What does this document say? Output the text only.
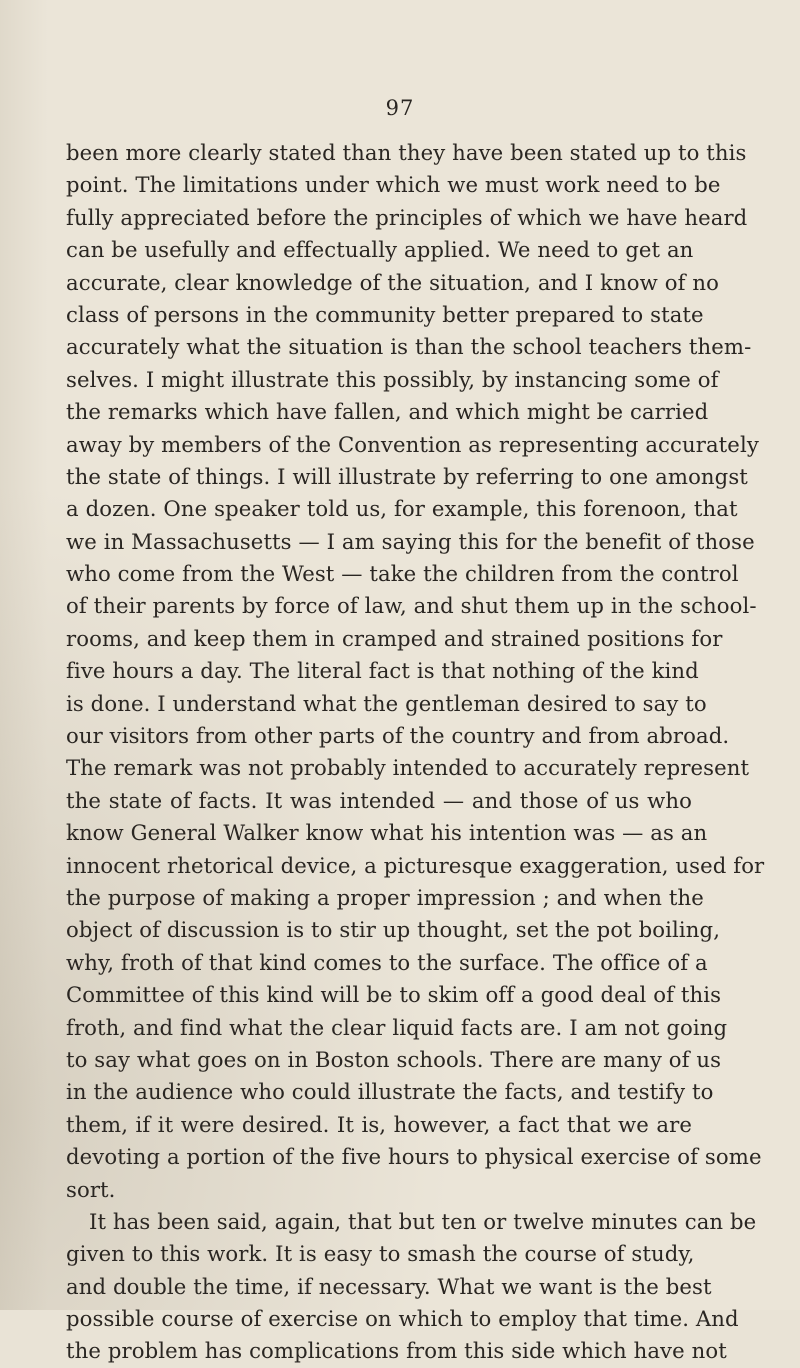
97
been more clearly stated than they have been stated up to this
point. The limitations under which we must work need to be
fully appreciated before the principles of which we have heard
can be usefully and effectually applied. We need to get an
accurate, clear knowledge of the situation, and I know of no
class of persons in the community better prepared to state
accurately what the situation is than the school teachers them-
selves. I might illustrate this possibly, by instancing some of
the remarks which have fallen, and which might be carried
away by members of the Convention as representing accurately
the state of things. I will illustrate by referring to one amongst
a dozen. One speaker told us, for example, this forenoon, that
we in Massachusetts — I am saying this for the benefit of those
who come from the West — take the children from the control
of their parents by force of law, and shut them up in the school-
rooms, and keep them in cramped and strained positions for
five hours a day. The literal fact is that nothing of the kind
is done. I understand what the gentleman desired to say to
our visitors from other parts of the country and from abroad.
The remark was not probably intended to accurately represent
the state of facts. It was intended — and those of us who
know General Walker know what his intention was — as an
innocent rhetorical device, a picturesque exaggeration, used for
the purpose of making a proper impression ; and when the
object of discussion is to stir up thought, set the pot boiling,
why, froth of that kind comes to the surface. The office of a
Committee of this kind will be to skim off a good deal of this
froth, and find what the clear liquid facts are. I am not going
to say what goes on in Boston schools. There are many of us
in the audience who could illustrate the facts, and testify to
them, if it were desired. It is, however, a fact that we are
devoting a portion of the five hours to physical exercise of some
sort.
It has been said, again, that but ten or twelve minutes can be
given to this work. It is easy to smash the course of study,
and double the time, if necessary. What we want is the best
possible course of exercise on which to employ that time. And
the problem has complications from this side which have not
